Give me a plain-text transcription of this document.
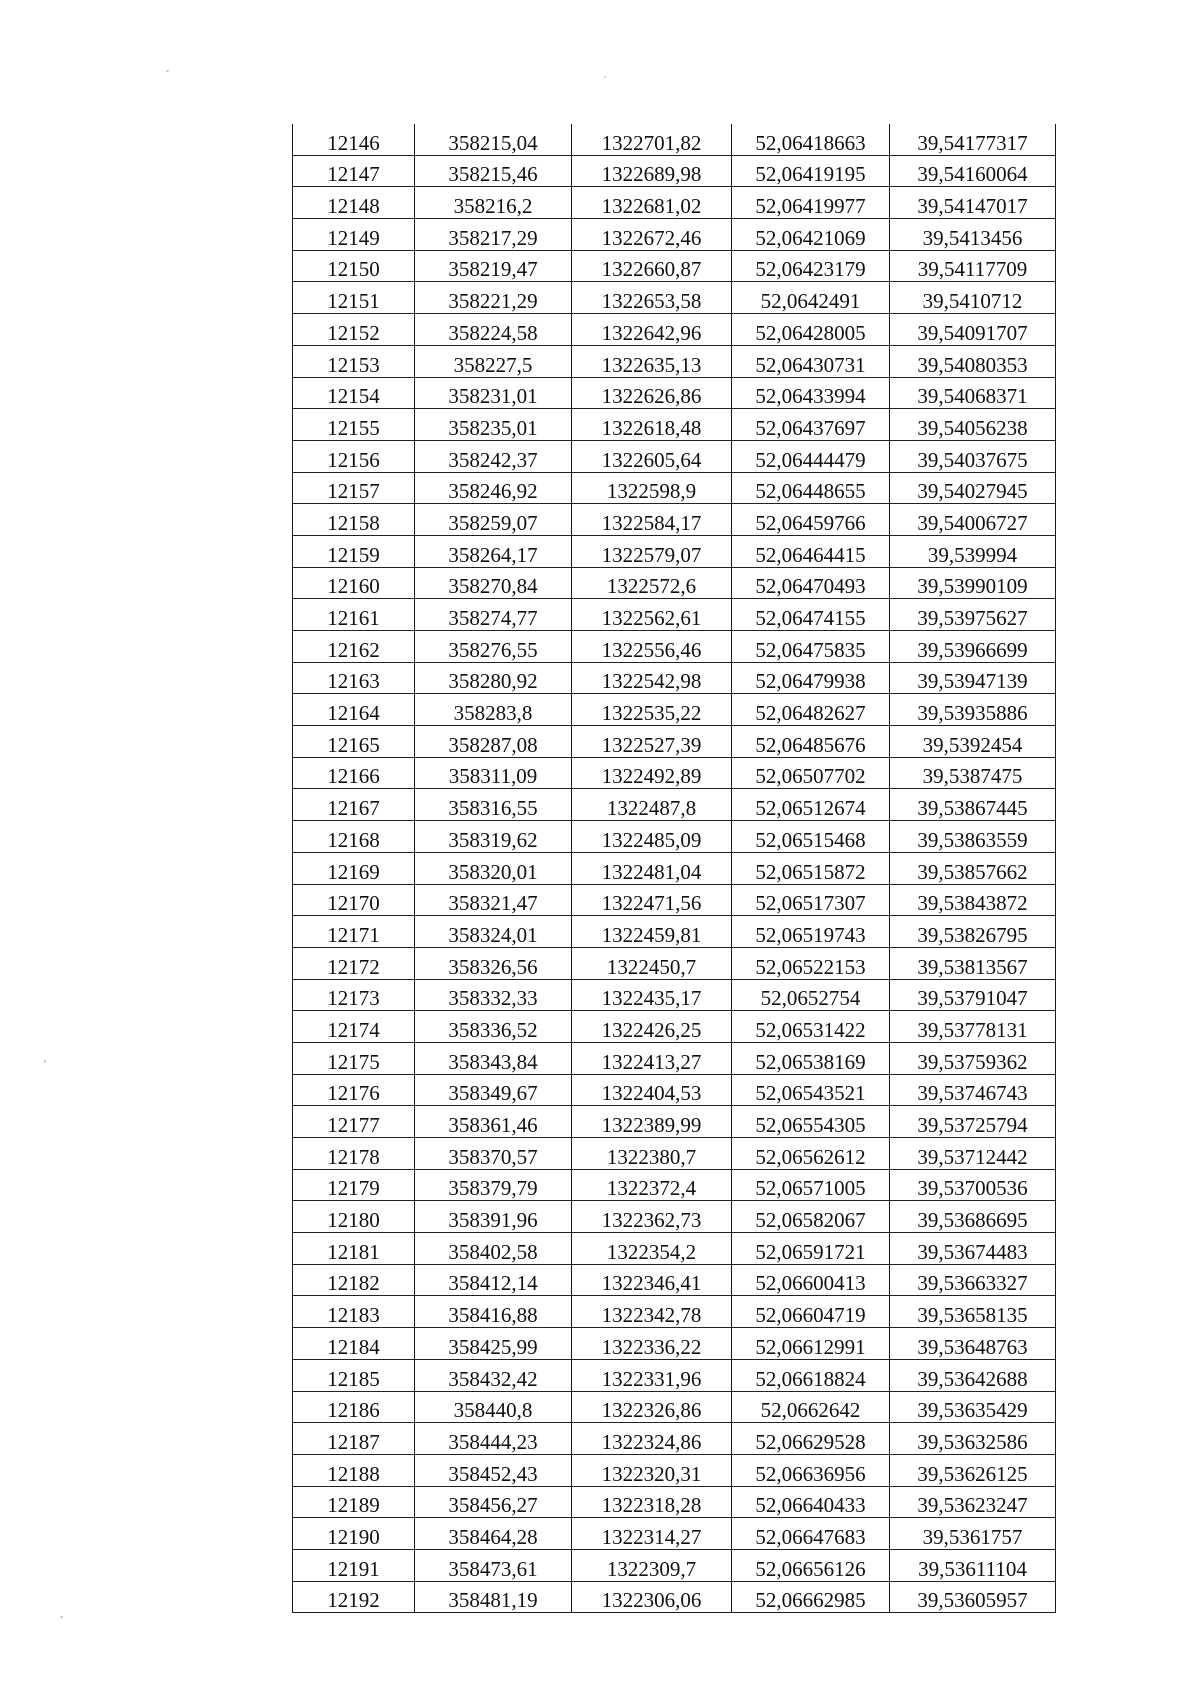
12146	358215,04	1322701,82	52,06418663	39,54177317
12147	358215,46	1322689,98	52,06419195	39,54160064
12148	358216,2	1322681,02	52,06419977	39,54147017
12149	358217,29	1322672,46	52,06421069	39,5413456
12150	358219,47	1322660,87	52,06423179	39,54117709
12151	358221,29	1322653,58	52,0642491	39,5410712
12152	358224,58	1322642,96	52,06428005	39,54091707
12153	358227,5	1322635,13	52,06430731	39,54080353
12154	358231,01	1322626,86	52,06433994	39,54068371
12155	358235,01	1322618,48	52,06437697	39,54056238
12156	358242,37	1322605,64	52,06444479	39,54037675
12157	358246,92	1322598,9	52,06448655	39,54027945
12158	358259,07	1322584,17	52,06459766	39,54006727
12159	358264,17	1322579,07	52,06464415	39,539994
12160	358270,84	1322572,6	52,06470493	39,53990109
12161	358274,77	1322562,61	52,06474155	39,53975627
12162	358276,55	1322556,46	52,06475835	39,53966699
12163	358280,92	1322542,98	52,06479938	39,53947139
12164	358283,8	1322535,22	52,06482627	39,53935886
12165	358287,08	1322527,39	52,06485676	39,5392454
12166	358311,09	1322492,89	52,06507702	39,5387475
12167	358316,55	1322487,8	52,06512674	39,53867445
12168	358319,62	1322485,09	52,06515468	39,53863559
12169	358320,01	1322481,04	52,06515872	39,53857662
12170	358321,47	1322471,56	52,06517307	39,53843872
12171	358324,01	1322459,81	52,06519743	39,53826795
12172	358326,56	1322450,7	52,06522153	39,53813567
12173	358332,33	1322435,17	52,0652754	39,53791047
12174	358336,52	1322426,25	52,06531422	39,53778131
12175	358343,84	1322413,27	52,06538169	39,53759362
12176	358349,67	1322404,53	52,06543521	39,53746743
12177	358361,46	1322389,99	52,06554305	39,53725794
12178	358370,57	1322380,7	52,06562612	39,53712442
12179	358379,79	1322372,4	52,06571005	39,53700536
12180	358391,96	1322362,73	52,06582067	39,53686695
12181	358402,58	1322354,2	52,06591721	39,53674483
12182	358412,14	1322346,41	52,06600413	39,53663327
12183	358416,88	1322342,78	52,06604719	39,53658135
12184	358425,99	1322336,22	52,06612991	39,53648763
12185	358432,42	1322331,96	52,06618824	39,53642688
12186	358440,8	1322326,86	52,0662642	39,53635429
12187	358444,23	1322324,86	52,06629528	39,53632586
12188	358452,43	1322320,31	52,06636956	39,53626125
12189	358456,27	1322318,28	52,06640433	39,53623247
12190	358464,28	1322314,27	52,06647683	39,5361757
12191	358473,61	1322309,7	52,06656126	39,53611104
12192	358481,19	1322306,06	52,06662985	39,53605957
